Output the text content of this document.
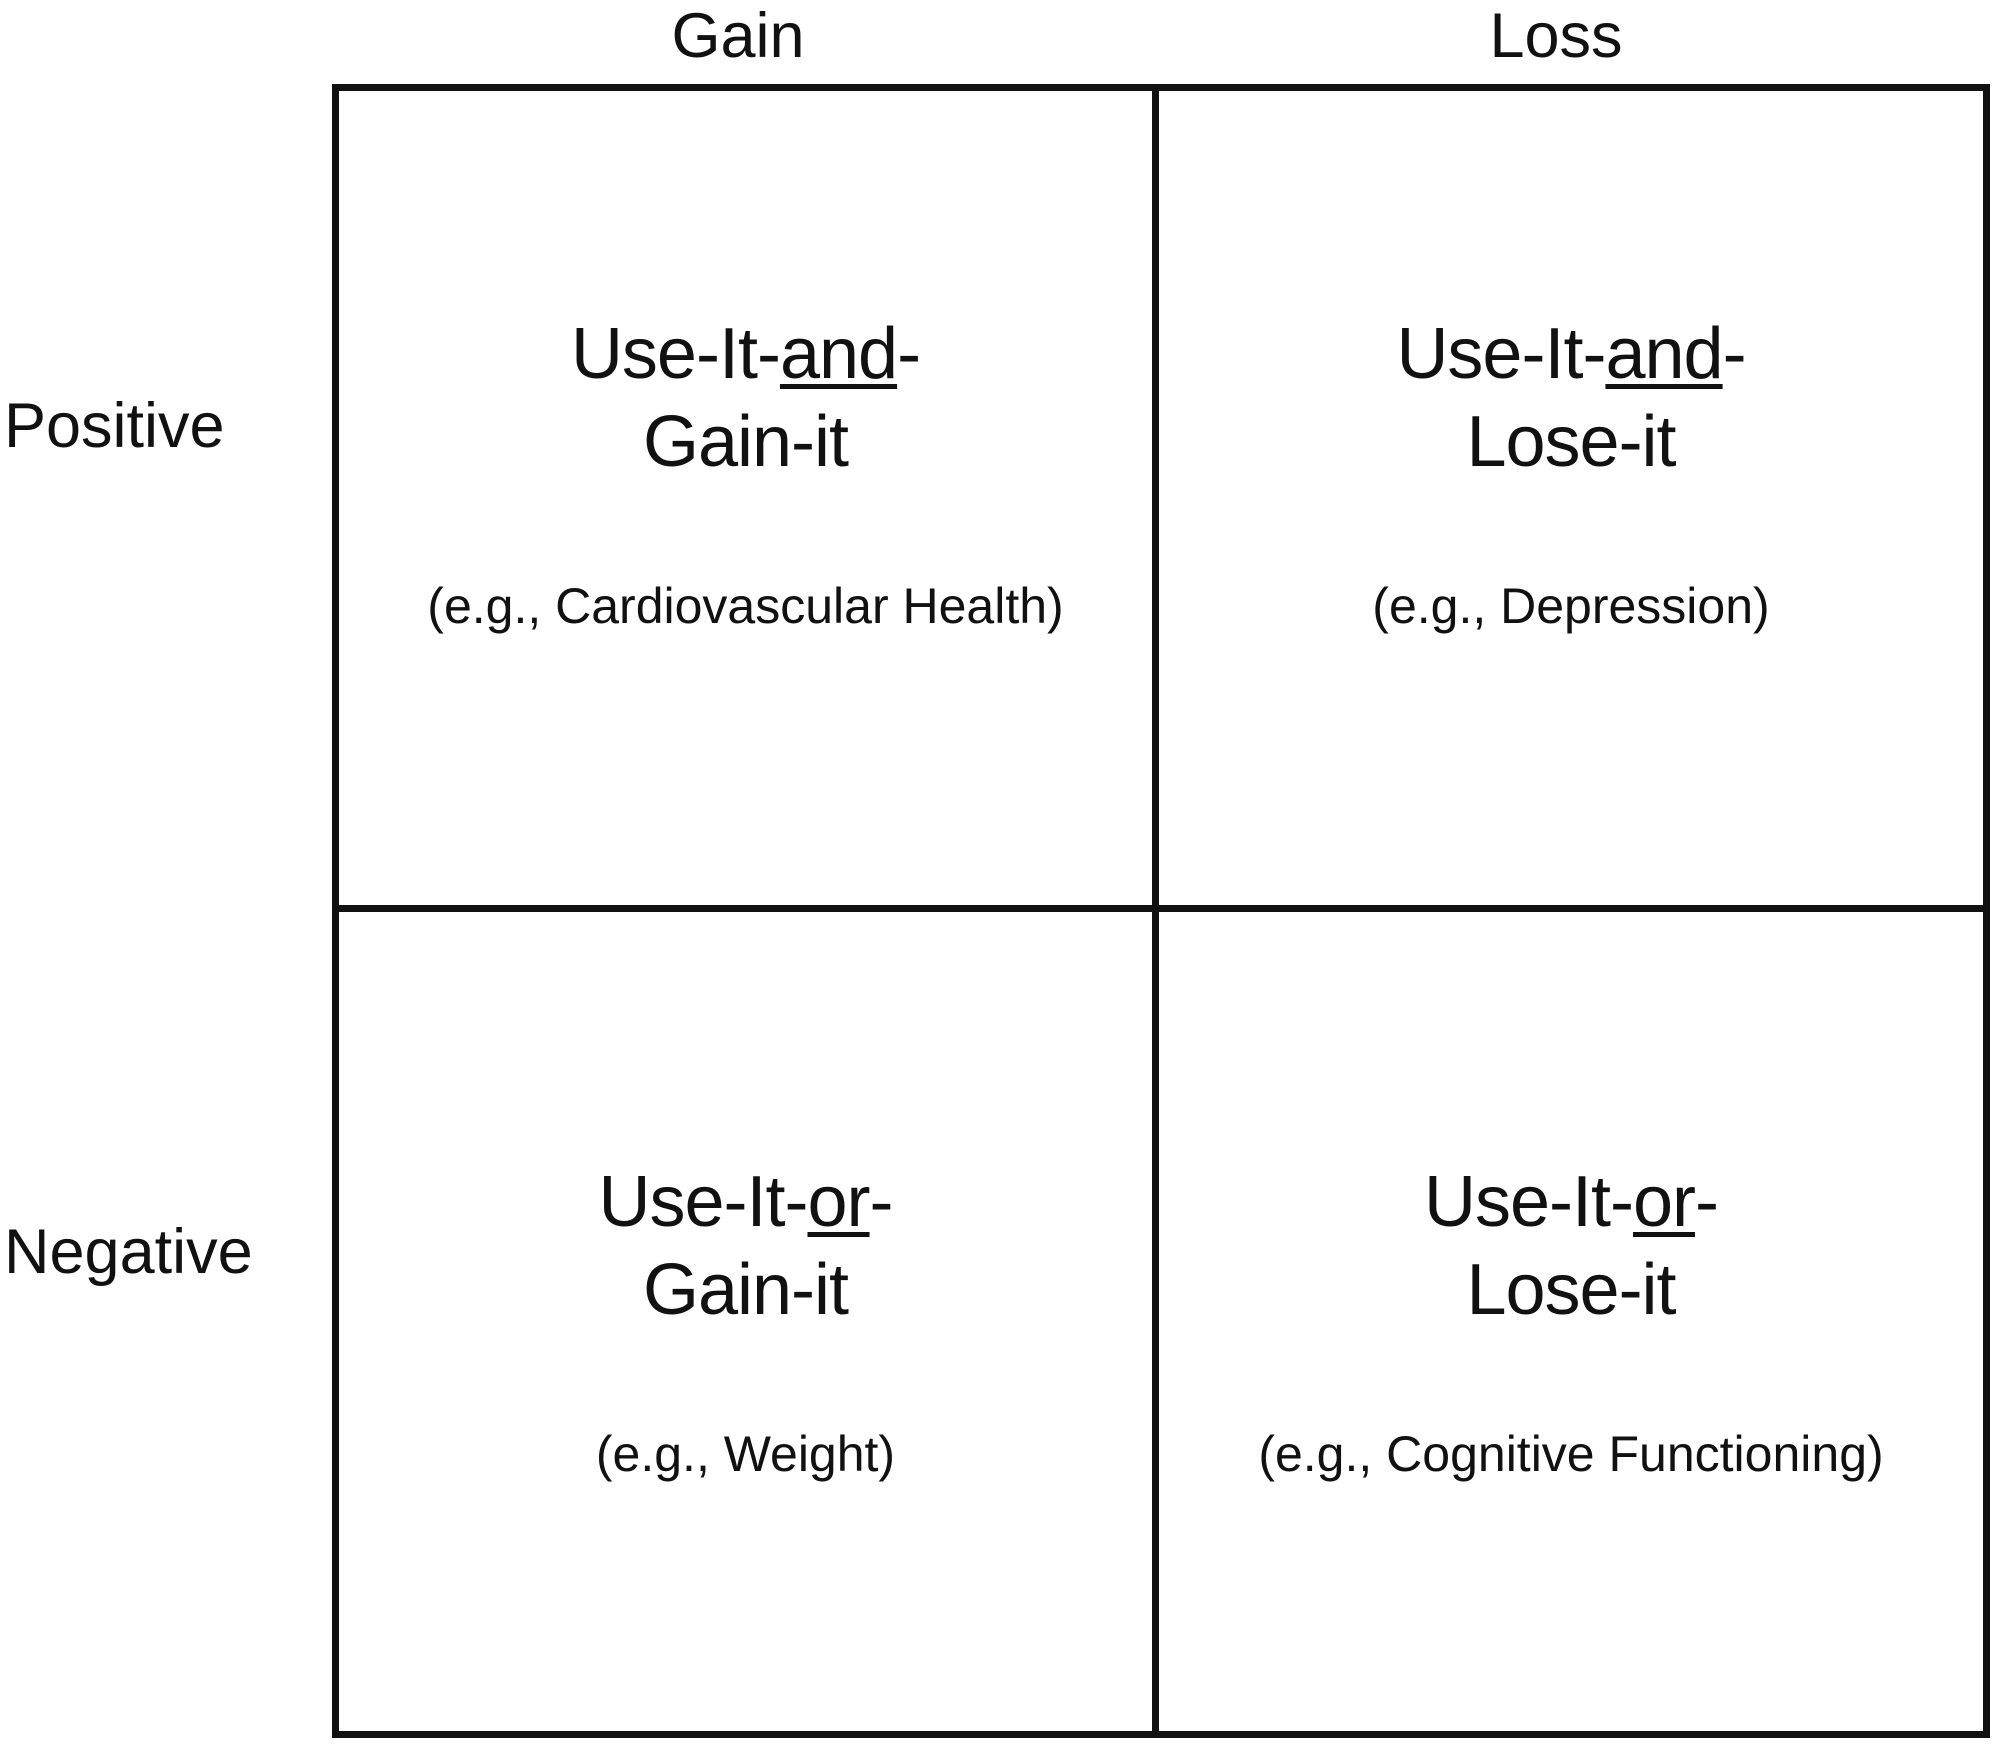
Gain	Loss
Positive
Negative
Use-It-and-
Gain-it
(e.g., Cardiovascular Health)
Use-It-and-
Lose-it
(e.g., Depression)
Use-It-or-
Gain-it
(e.g., Weight)
Use-It-or-
Lose-it
(e.g., Cognitive Functioning)
